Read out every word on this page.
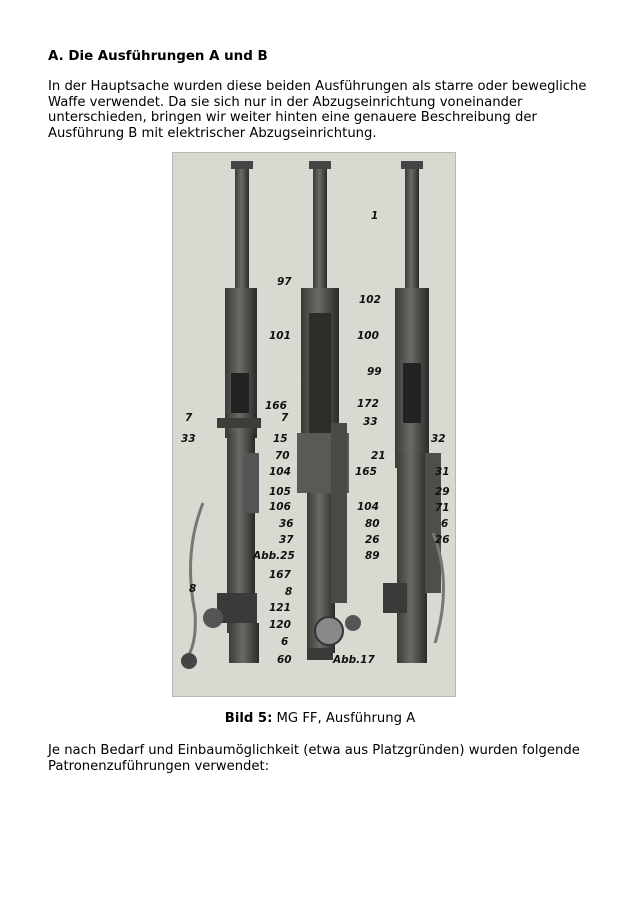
A. Die Ausführungen A und B
In der Hauptsache wurden diese beiden Ausführungen als starre oder bewegliche
Waffe verwendet. Da sie sich nur in der Abzugseinrichtung voneinander
unterschieden, bringen wir weiter hinten eine genauere Beschreibung der
Ausführung B mit elektrischer Abzugseinrichtung.
1
97
102
101	100
99
166
7	7
172
33
33
15	32
70	21
104	165	31
29
105
106	71
104
36	80	6
37	26	26
Abb.25	89
167
8	8
121
120
6
60	Abb.17
Bild 5: MG FF, Ausführung A
Je nach Bedarf und Einbaumöglichkeit (etwa aus Platzgründen) wurden folgende
Patronenzuführungen verwendet:
